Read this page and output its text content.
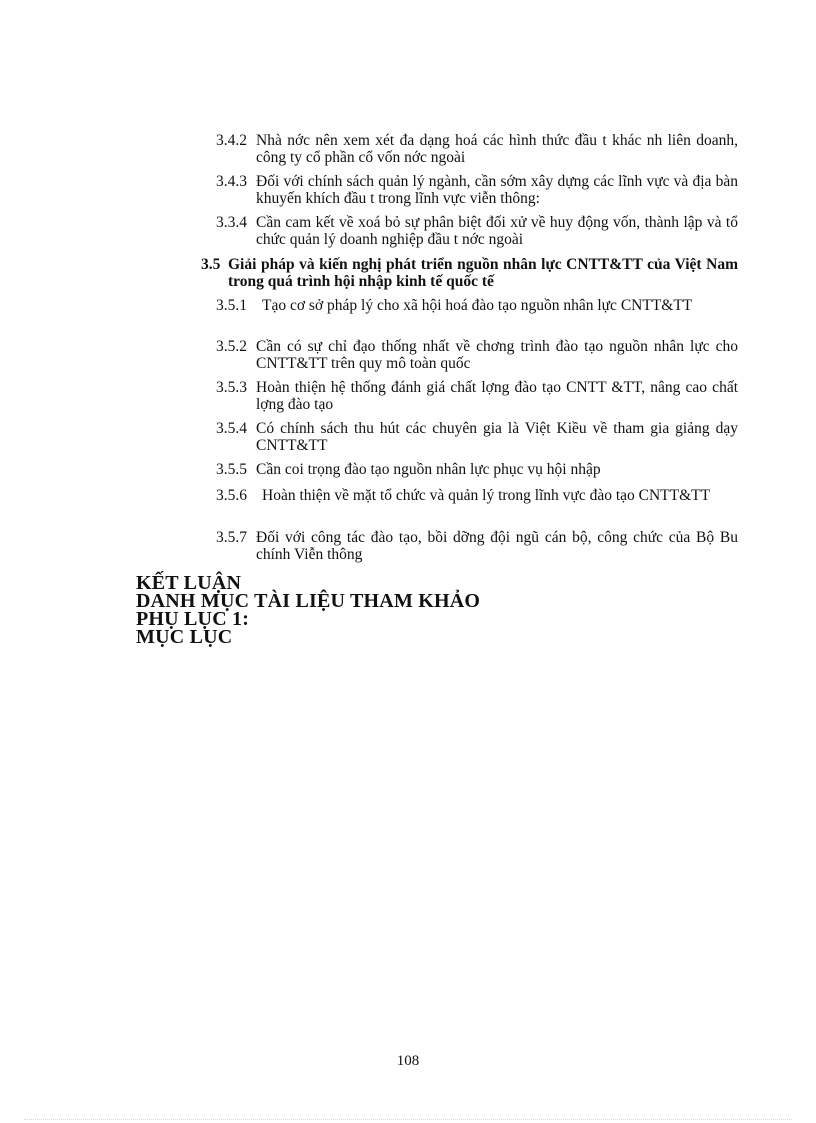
3.4.2 Nhà nớc nên xem xét đa dạng hoá các hình thức đầu t khác nh liên doanh, công ty cổ phần cổ vốn nớc ngoài
3.4.3 Đối với chính sách quản lý ngành, cần sớm xây dựng các lĩnh vực và địa bàn khuyến khích đầu t trong lĩnh vực viễn thông:
3.3.4 Cần cam kết về xoá bỏ sự phân biệt đối xử về huy động vốn, thành lập và tổ chức quản lý doanh nghiệp đầu t nớc ngoài
3.5 Giải pháp và kiến nghị phát triển nguồn nhân lực CNTT&TT của Việt Nam trong quá trình hội nhập kinh tế quốc tế
3.5.1 Tạo cơ sở pháp lý cho xã hội hoá đào tạo nguồn nhân lực CNTT&TT
3.5.2 Cần có sự chỉ đạo thống nhất về chơng trình đào tạo nguồn nhân lực cho CNTT&TT trên quy mô toàn quốc
3.5.3 Hoàn thiện hệ thống đánh giá chất lợng đào tạo CNTT &TT, nâng cao chất lợng đào tạo
3.5.4 Có chính sách thu hút các chuyên gia là Việt Kiều về tham gia giảng dạy CNTT&TT
3.5.5 Cần coi trọng đào tạo nguồn nhân lực phục vụ hội nhập
3.5.6 Hoàn thiện về mặt tổ chức và quản lý trong lĩnh vực đào tạo CNTT&TT
3.5.7 Đối với công tác đào tạo, bồi dỡng đội ngũ cán bộ, công chức của Bộ Bu chính Viễn thông
KẾT LUẬN
DANH MỤC TÀI LIỆU THAM KHẢO
PHỤ LỤC 1:
MỤC LỤC
108
